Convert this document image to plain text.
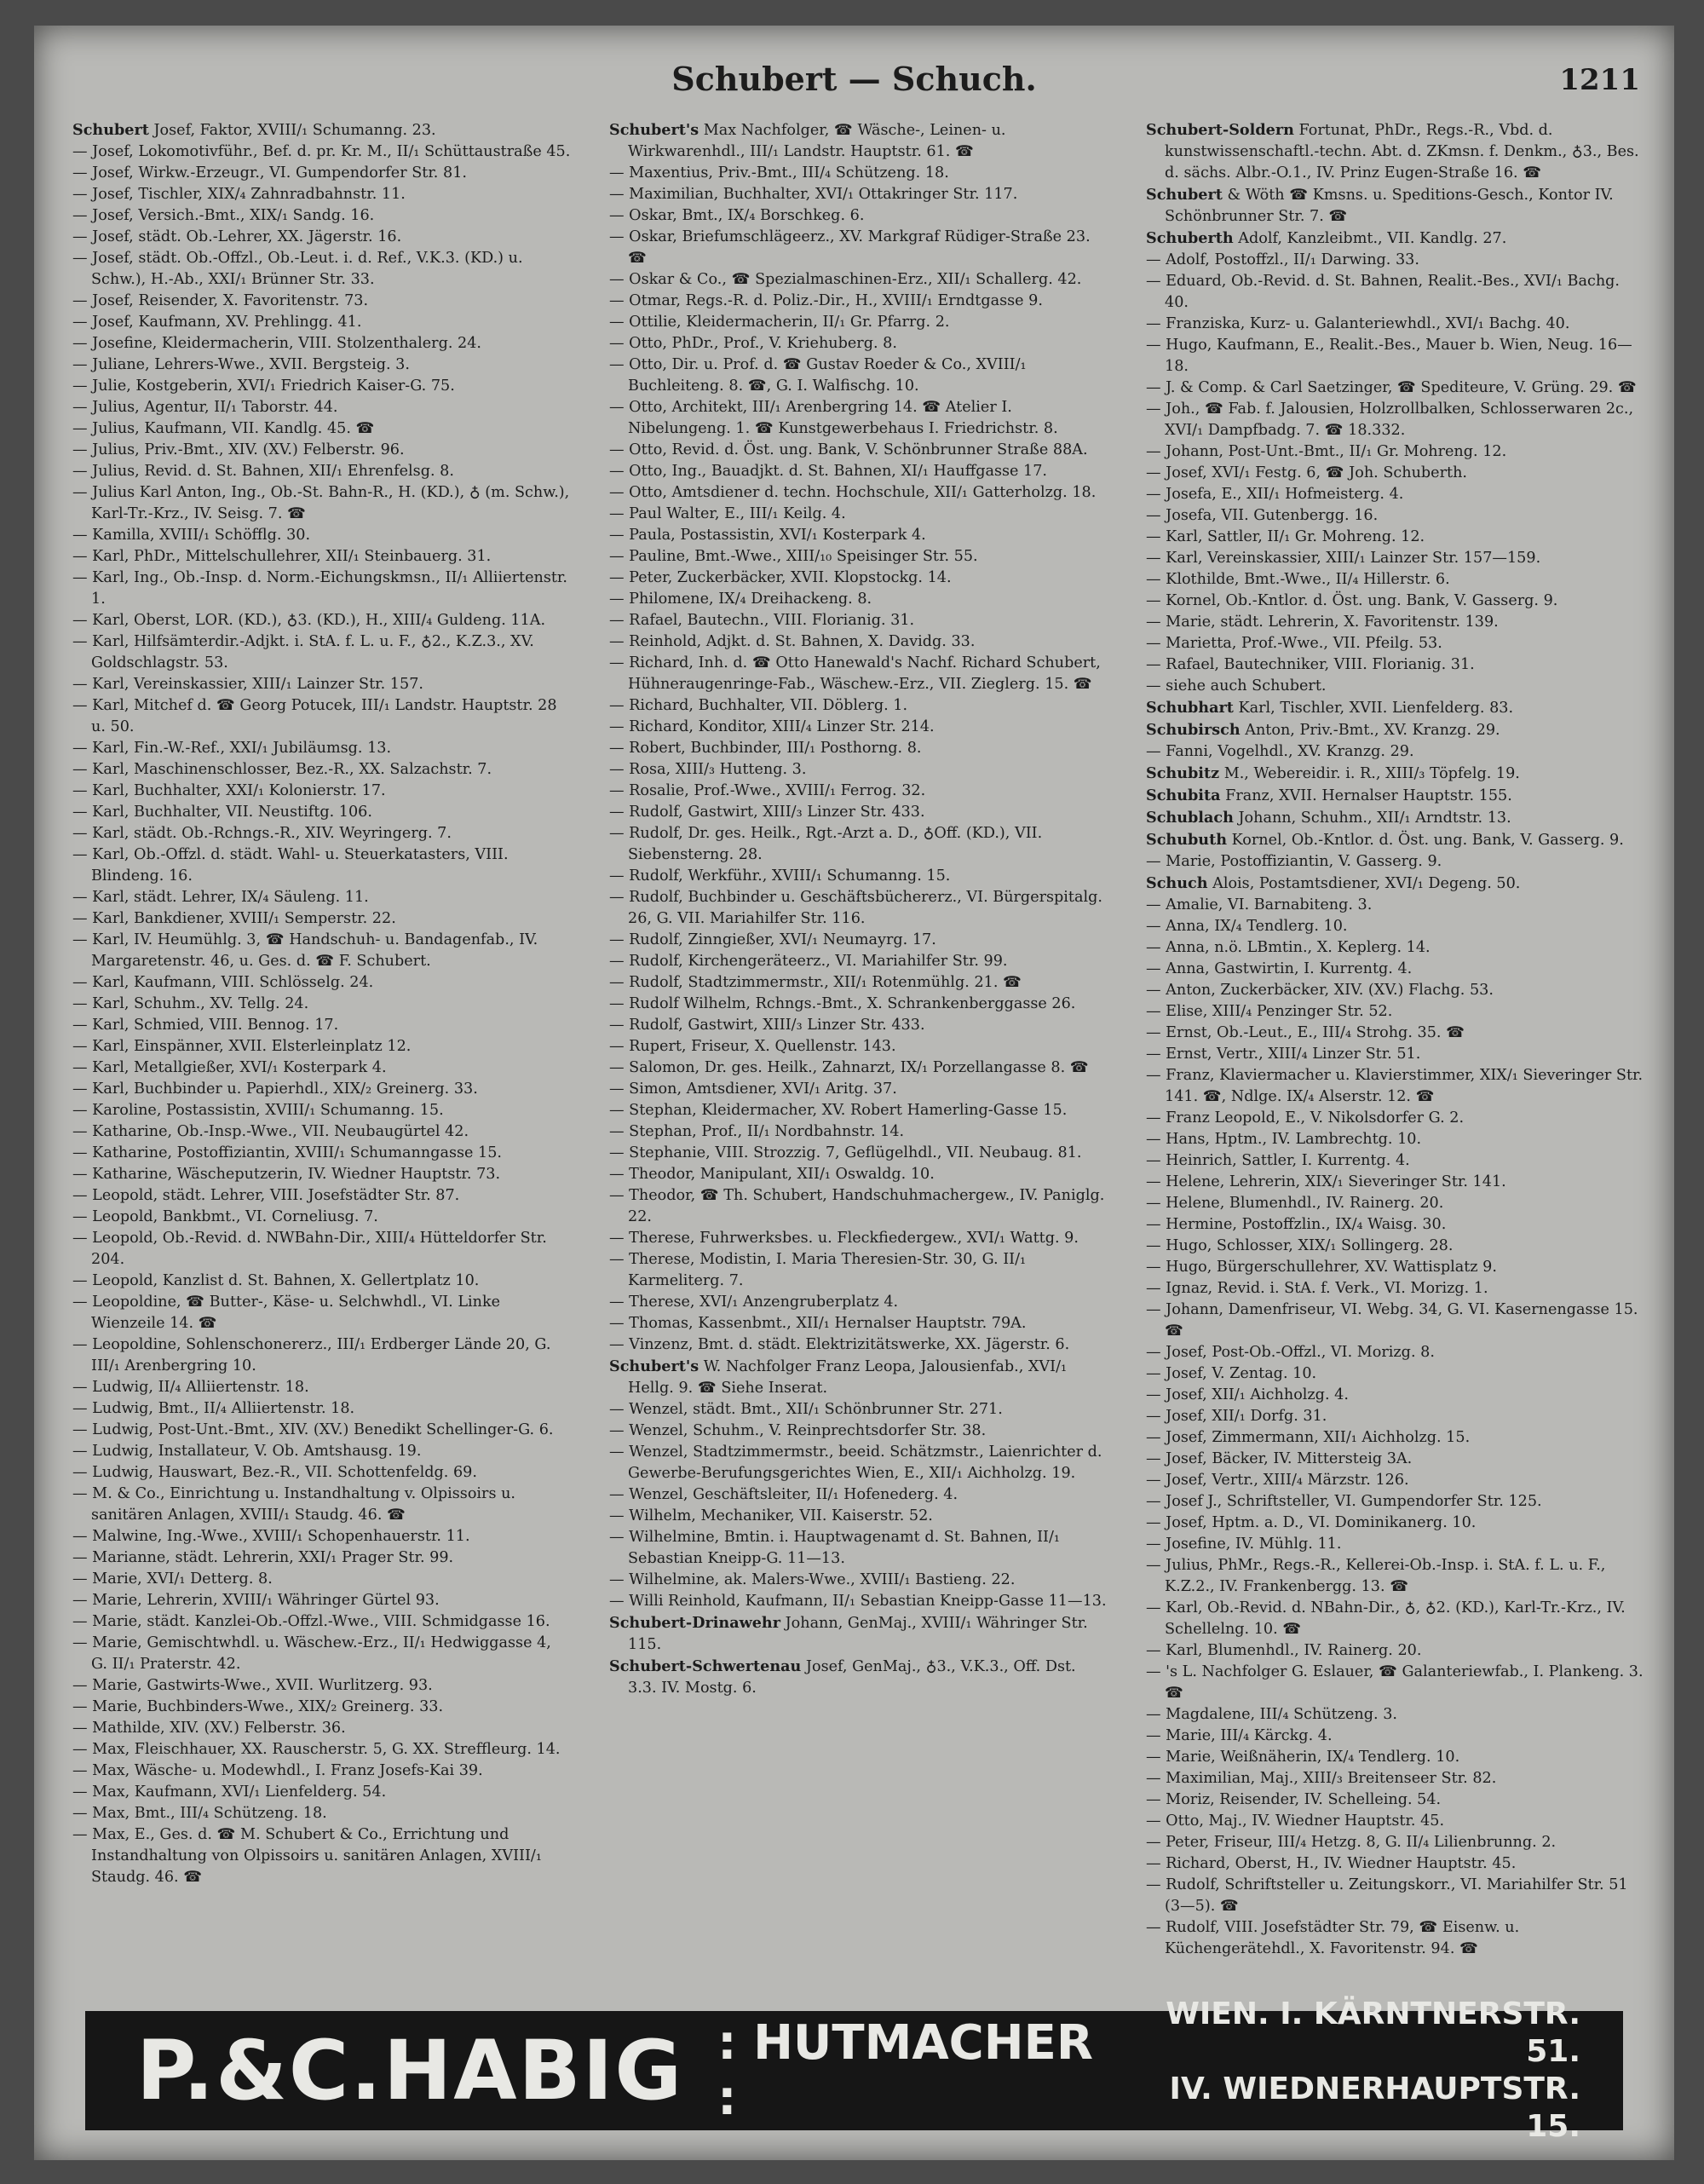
Schubert — Schuch.	1211
Schubert Josef, Faktor, XVIII/₁ Schumanng. 23.
— Josef, Lokomotivführ., Bef. d. pr. Kr. M., II/₁ Schüttaustraße 45.
— Josef, Wirkw.-Erzeugr., VI. Gumpendorfer Str. 81.
— Josef, Tischler, XIX/₄ Zahnradbahnstr. 11.
— Josef, Versich.-Bmt., XIX/₁ Sandg. 16.
— Josef, städt. Ob.-Lehrer, XX. Jägerstr. 16.
— Josef, städt. Ob.-Offzl., Ob.-Leut. i. d. Ref., V.K.3. (KD.) u. Schw.), H.-Ab., XXI/₁ Brünner Str. 33.
— Josef, Reisender, X. Favoritenstr. 73.
— Josef, Kaufmann, XV. Prehlingg. 41.
— Josefine, Kleidermacherin, VIII. Stolzenthalerg. 24.
— Juliane, Lehrers-Wwe., XVII. Bergsteig. 3.
— Julie, Kostgeberin, XVI/₁ Friedrich Kaiser-G. 75.
— Julius, Agentur, II/₁ Taborstr. 44.
— Julius, Kaufmann, VII. Kandlg. 45. ☎
— Julius, Priv.-Bmt., XIV. (XV.) Felberstr. 96.
— Julius, Revid. d. St. Bahnen, XII/₁ Ehrenfelsg. 8.
— Julius Karl Anton, Ing., Ob.-St. Bahn-R., H. (KD.), ♁ (m. Schw.), Karl-Tr.-Krz., IV. Seisg. 7. ☎
— Kamilla, XVIII/₁ Schöfflg. 30.
— Karl, PhDr., Mittelschullehrer, XII/₁ Steinbauerg. 31.
— Karl, Ing., Ob.-Insp. d. Norm.-Eichungskmsn., II/₁ Alliiertenstr. 1.
— Karl, Oberst, LOR. (KD.), ♁3. (KD.), H., XIII/₄ Guldeng. 11A.
— Karl, Hilfsämterdir.-Adjkt. i. StA. f. L. u. F., ♁2., K.Z.3., XV. Goldschlagstr. 53.
— Karl, Vereinskassier, XIII/₁ Lainzer Str. 157.
— Karl, Mitchef d. ☎ Georg Potucek, III/₁ Landstr. Hauptstr. 28 u. 50.
— Karl, Fin.-W.-Ref., XXI/₁ Jubiläumsg. 13.
— Karl, Maschinenschlosser, Bez.-R., XX. Salzachstr. 7.
— Karl, Buchhalter, XXI/₁ Kolonierstr. 17.
— Karl, Buchhalter, VII. Neustiftg. 106.
— Karl, städt. Ob.-Rchngs.-R., XIV. Weyringerg. 7.
— Karl, Ob.-Offzl. d. städt. Wahl- u. Steuerkatasters, VIII. Blindeng. 16.
— Karl, städt. Lehrer, IX/₄ Säuleng. 11.
— Karl, Bankdiener, XVIII/₁ Semperstr. 22.
— Karl, IV. Heumühlg. 3, ☎ Handschuh- u. Bandagenfab., IV. Margaretenstr. 46, u. Ges. d. ☎ F. Schubert.
— Karl, Kaufmann, VIII. Schlösselg. 24.
— Karl, Schuhm., XV. Tellg. 24.
— Karl, Schmied, VIII. Bennog. 17.
— Karl, Einspänner, XVII. Elsterleinplatz 12.
— Karl, Metallgießer, XVI/₁ Kosterpark 4.
— Karl, Buchbinder u. Papierhdl., XIX/₂ Greinerg. 33.
— Karoline, Postassistin, XVIII/₁ Schumanng. 15.
— Katharine, Ob.-Insp.-Wwe., VII. Neubaugürtel 42.
— Katharine, Postoffiziantin, XVIII/₁ Schumanngasse 15.
— Katharine, Wäscheputzerin, IV. Wiedner Hauptstr. 73.
— Leopold, städt. Lehrer, VIII. Josefstädter Str. 87.
— Leopold, Bankbmt., VI. Corneliusg. 7.
— Leopold, Ob.-Revid. d. NWBahn-Dir., XIII/₄ Hütteldorfer Str. 204.
— Leopold, Kanzlist d. St. Bahnen, X. Gellertplatz 10.
— Leopoldine, ☎ Butter-, Käse- u. Selchwhdl., VI. Linke Wienzeile 14. ☎
— Leopoldine, Sohlenschonererz., III/₁ Erdberger Lände 20, G. III/₁ Arenbergring 10.
— Ludwig, II/₄ Alliiertenstr. 18.
— Ludwig, Bmt., II/₄ Alliiertenstr. 18.
— Ludwig, Post-Unt.-Bmt., XIV. (XV.) Benedikt Schellinger-G. 6.
— Ludwig, Installateur, V. Ob. Amtshausg. 19.
— Ludwig, Hauswart, Bez.-R., VII. Schottenfeldg. 69.
— M. & Co., Einrichtung u. Instandhaltung v. Olpissoirs u. sanitären Anlagen, XVIII/₁ Staudg. 46. ☎
— Malwine, Ing.-Wwe., XVIII/₁ Schopenhauerstr. 11.
— Marianne, städt. Lehrerin, XXI/₁ Prager Str. 99.
— Marie, XVI/₁ Detterg. 8.
— Marie, Lehrerin, XVIII/₁ Währinger Gürtel 93.
— Marie, städt. Kanzlei-Ob.-Offzl.-Wwe., VIII. Schmidgasse 16.
— Marie, Gemischtwhdl. u. Wäschew.-Erz., II/₁ Hedwiggasse 4, G. II/₁ Praterstr. 42.
— Marie, Gastwirts-Wwe., XVII. Wurlitzerg. 93.
— Marie, Buchbinders-Wwe., XIX/₂ Greinerg. 33.
— Mathilde, XIV. (XV.) Felberstr. 36.
— Max, Fleischhauer, XX. Rauscherstr. 5, G. XX. Streffleurg. 14.
— Max, Wäsche- u. Modewhdl., I. Franz Josefs-Kai 39.
— Max, Kaufmann, XVI/₁ Lienfelderg. 54.
— Max, Bmt., III/₄ Schützeng. 18.
— Max, E., Ges. d. ☎ M. Schubert & Co., Errichtung und Instandhaltung von Olpissoirs u. sanitären Anlagen, XVIII/₁ Staudg. 46. ☎
Schubert's Max Nachfolger, ☎ Wäsche-, Leinen- u. Wirkwarenhdl., III/₁ Landstr. Hauptstr. 61. ☎
— Maxentius, Priv.-Bmt., III/₄ Schützeng. 18.
— Maximilian, Buchhalter, XVI/₁ Ottakringer Str. 117.
— Oskar, Bmt., IX/₄ Borschkeg. 6.
— Oskar, Briefumschlägeerz., XV. Markgraf Rüdiger-Straße 23. ☎
— Oskar & Co., ☎ Spezialmaschinen-Erz., XII/₁ Schallerg. 42.
— Otmar, Regs.-R. d. Poliz.-Dir., H., XVIII/₁ Erndtgasse 9.
— Ottilie, Kleidermacherin, II/₁ Gr. Pfarrg. 2.
— Otto, PhDr., Prof., V. Kriehuberg. 8.
— Otto, Dir. u. Prof. d. ☎ Gustav Roeder & Co., XVIII/₁ Buchleiteng. 8. ☎, G. I. Walfischg. 10.
— Otto, Architekt, III/₁ Arenbergring 14. ☎ Atelier I. Nibelungeng. 1. ☎ Kunstgewerbehaus I. Friedrichstr. 8.
— Otto, Revid. d. Öst. ung. Bank, V. Schönbrunner Straße 88A.
— Otto, Ing., Bauadjkt. d. St. Bahnen, XI/₁ Hauffgasse 17.
— Otto, Amtsdiener d. techn. Hochschule, XII/₁ Gatterholzg. 18.
— Paul Walter, E., III/₁ Keilg. 4.
— Paula, Postassistin, XVI/₁ Kosterpark 4.
— Pauline, Bmt.-Wwe., XIII/₁₀ Speisinger Str. 55.
— Peter, Zuckerbäcker, XVII. Klopstockg. 14.
— Philomene, IX/₄ Dreihackeng. 8.
— Rafael, Bautechn., VIII. Florianig. 31.
— Reinhold, Adjkt. d. St. Bahnen, X. Davidg. 33.
— Richard, Inh. d. ☎ Otto Hanewald's Nachf. Richard Schubert, Hühneraugenringe-Fab., Wäschew.-Erz., VII. Zieglerg. 15. ☎
— Richard, Buchhalter, VII. Döblerg. 1.
— Richard, Konditor, XIII/₄ Linzer Str. 214.
— Robert, Buchbinder, III/₁ Posthorng. 8.
— Rosa, XIII/₃ Hutteng. 3.
— Rosalie, Prof.-Wwe., XVIII/₁ Ferrog. 32.
— Rudolf, Gastwirt, XIII/₃ Linzer Str. 433.
— Rudolf, Dr. ges. Heilk., Rgt.-Arzt a. D., ♁Off. (KD.), VII. Siebensterng. 28.
— Rudolf, Werkführ., XVIII/₁ Schumanng. 15.
— Rudolf, Buchbinder u. Geschäftsbüchererz., VI. Bürgerspitalg. 26, G. VII. Mariahilfer Str. 116.
— Rudolf, Zinngießer, XVI/₁ Neumayrg. 17.
— Rudolf, Kirchengeräteerz., VI. Mariahilfer Str. 99.
— Rudolf, Stadtzimmermstr., XII/₁ Rotenmühlg. 21. ☎
— Rudolf Wilhelm, Rchngs.-Bmt., X. Schrankenberggasse 26.
— Rudolf, Gastwirt, XIII/₃ Linzer Str. 433.
— Rupert, Friseur, X. Quellenstr. 143.
— Salomon, Dr. ges. Heilk., Zahnarzt, IX/₁ Porzellangasse 8. ☎
— Simon, Amtsdiener, XVI/₁ Aritg. 37.
— Stephan, Kleidermacher, XV. Robert Hamerling-Gasse 15.
— Stephan, Prof., II/₁ Nordbahnstr. 14.
— Stephanie, VIII. Strozzig. 7, Geflügelhdl., VII. Neubaug. 81.
— Theodor, Manipulant, XII/₁ Oswaldg. 10.
— Theodor, ☎ Th. Schubert, Handschuhmachergew., IV. Paniglg. 22.
— Therese, Fuhrwerksbes. u. Fleckfiedergew., XVI/₁ Wattg. 9.
— Therese, Modistin, I. Maria Theresien-Str. 30, G. II/₁ Karmeliterg. 7.
— Therese, XVI/₁ Anzengruberplatz 4.
— Thomas, Kassenbmt., XII/₁ Hernalser Hauptstr. 79A.
— Vinzenz, Bmt. d. städt. Elektrizitätswerke, XX. Jägerstr. 6.
Schubert's W. Nachfolger Franz Leopa, Jalousienfab., XVI/₁ Hellg. 9. ☎ Siehe Inserat.
— Wenzel, städt. Bmt., XII/₁ Schönbrunner Str. 271.
— Wenzel, Schuhm., V. Reinprechtsdorfer Str. 38.
— Wenzel, Stadtzimmermstr., beeid. Schätzmstr., Laienrichter d. Gewerbe-Berufungsgerichtes Wien, E., XII/₁ Aichholzg. 19.
— Wenzel, Geschäftsleiter, II/₁ Hofenederg. 4.
— Wilhelm, Mechaniker, VII. Kaiserstr. 52.
— Wilhelmine, Bmtin. i. Hauptwagenamt d. St. Bahnen, II/₁ Sebastian Kneipp-G. 11—13.
— Wilhelmine, ak. Malers-Wwe., XVIII/₁ Bastieng. 22.
— Willi Reinhold, Kaufmann, II/₁ Sebastian Kneipp-Gasse 11—13.
Schubert-Drinawehr Johann, GenMaj., XVIII/₁ Währinger Str. 115.
Schubert-Schwertenau Josef, GenMaj., ♁3., V.K.3., Off. Dst. 3.3. IV. Mostg. 6.
Schubert-Soldern Fortunat, PhDr., Regs.-R., Vbd. d. kunstwissenschaftl.-techn. Abt. d. ZKmsn. f. Denkm., ♁3., Bes. d. sächs. Albr.-O.1., IV. Prinz Eugen-Straße 16. ☎
Schubert & Wöth ☎ Kmsns. u. Speditions-Gesch., Kontor IV. Schönbrunner Str. 7. ☎
Schuberth Adolf, Kanzleibmt., VII. Kandlg. 27.
— Adolf, Postoffzl., II/₁ Darwing. 33.
— Eduard, Ob.-Revid. d. St. Bahnen, Realit.-Bes., XVI/₁ Bachg. 40.
— Franziska, Kurz- u. Galanteriewhdl., XVI/₁ Bachg. 40.
— Hugo, Kaufmann, E., Realit.-Bes., Mauer b. Wien, Neug. 16—18.
— J. & Comp. & Carl Saetzinger, ☎ Spediteure, V. Grüng. 29. ☎
— Joh., ☎ Fab. f. Jalousien, Holzrollbalken, Schlosserwaren 2c., XVI/₁ Dampfbadg. 7. ☎ 18.332.
— Johann, Post-Unt.-Bmt., II/₁ Gr. Mohreng. 12.
— Josef, XVI/₁ Festg. 6, ☎ Joh. Schuberth.
— Josefa, E., XII/₁ Hofmeisterg. 4.
— Josefa, VII. Gutenbergg. 16.
— Karl, Sattler, II/₁ Gr. Mohreng. 12.
— Karl, Vereinskassier, XIII/₁ Lainzer Str. 157—159.
— Klothilde, Bmt.-Wwe., II/₄ Hillerstr. 6.
— Kornel, Ob.-Kntlor. d. Öst. ung. Bank, V. Gasserg. 9.
— Marie, städt. Lehrerin, X. Favoritenstr. 139.
— Marietta, Prof.-Wwe., VII. Pfeilg. 53.
— Rafael, Bautechniker, VIII. Florianig. 31.
— siehe auch Schubert.
Schubhart Karl, Tischler, XVII. Lienfelderg. 83.
Schubirsch Anton, Priv.-Bmt., XV. Kranzg. 29.
— Fanni, Vogelhdl., XV. Kranzg. 29.
Schubitz M., Webereidir. i. R., XIII/₃ Töpfelg. 19.
Schubita Franz, XVII. Hernalser Hauptstr. 155.
Schublach Johann, Schuhm., XII/₁ Arndtstr. 13.
Schubuth Kornel, Ob.-Kntlor. d. Öst. ung. Bank, V. Gasserg. 9.
— Marie, Postoffiziantin, V. Gasserg. 9.
Schuch Alois, Postamtsdiener, XVI/₁ Degeng. 50.
— Amalie, VI. Barnabiteng. 3.
— Anna, IX/₄ Tendlerg. 10.
— Anna, n.ö. LBmtin., X. Keplerg. 14.
— Anna, Gastwirtin, I. Kurrentg. 4.
— Anton, Zuckerbäcker, XIV. (XV.) Flachg. 53.
— Elise, XIII/₄ Penzinger Str. 52.
— Ernst, Ob.-Leut., E., III/₄ Strohg. 35. ☎
— Ernst, Vertr., XIII/₄ Linzer Str. 51.
— Franz, Klaviermacher u. Klavierstimmer, XIX/₁ Sieveringer Str. 141. ☎, Ndlge. IX/₄ Alserstr. 12. ☎
— Franz Leopold, E., V. Nikolsdorfer G. 2.
— Hans, Hptm., IV. Lambrechtg. 10.
— Heinrich, Sattler, I. Kurrentg. 4.
— Helene, Lehrerin, XIX/₁ Sieveringer Str. 141.
— Helene, Blumenhdl., IV. Rainerg. 20.
— Hermine, Postoffzlin., IX/₄ Waisg. 30.
— Hugo, Schlosser, XIX/₁ Sollingerg. 28.
— Hugo, Bürgerschullehrer, XV. Wattisplatz 9.
— Ignaz, Revid. i. StA. f. Verk., VI. Morizg. 1.
— Johann, Damenfriseur, VI. Webg. 34, G. VI. Kasernengasse 15. ☎
— Josef, Post-Ob.-Offzl., VI. Morizg. 8.
— Josef, V. Zentag. 10.
— Josef, XII/₁ Aichholzg. 4.
— Josef, XII/₁ Dorfg. 31.
— Josef, Zimmermann, XII/₁ Aichholzg. 15.
— Josef, Bäcker, IV. Mittersteig 3A.
— Josef, Vertr., XIII/₄ Märzstr. 126.
— Josef J., Schriftsteller, VI. Gumpendorfer Str. 125.
— Josef, Hptm. a. D., VI. Dominikanerg. 10.
— Josefine, IV. Mühlg. 11.
— Julius, PhMr., Regs.-R., Kellerei-Ob.-Insp. i. StA. f. L. u. F., K.Z.2., IV. Frankenbergg. 13. ☎
— Karl, Ob.-Revid. d. NBahn-Dir., ♁, ♁2. (KD.), Karl-Tr.-Krz., IV. Schellelng. 10. ☎
— Karl, Blumenhdl., IV. Rainerg. 20.
— 's L. Nachfolger G. Eslauer, ☎ Galanteriewfab., I. Plankeng. 3. ☎
— Magdalene, III/₄ Schützeng. 3.
— Marie, III/₄ Kärckg. 4.
— Marie, Weißnäherin, IX/₄ Tendlerg. 10.
— Maximilian, Maj., XIII/₃ Breitenseer Str. 82.
— Moriz, Reisender, IV. Schelleing. 54.
— Otto, Maj., IV. Wiedner Hauptstr. 45.
— Peter, Friseur, III/₄ Hetzg. 8, G. II/₄ Lilienbrunng. 2.
— Richard, Oberst, H., IV. Wiedner Hauptstr. 45.
— Rudolf, Schriftsteller u. Zeitungskorr., VI. Mariahilfer Str. 51 (3—5). ☎
— Rudolf, VIII. Josefstädter Str. 79, ☎ Eisenw. u. Küchengerätehdl., X. Favoritenstr. 94. ☎
P.&C.HABIG : HUTMACHER :
WIEN. I. KÄRNTNERSTR. 51.
IV. WIEDNERHAUPTSTR. 15.
